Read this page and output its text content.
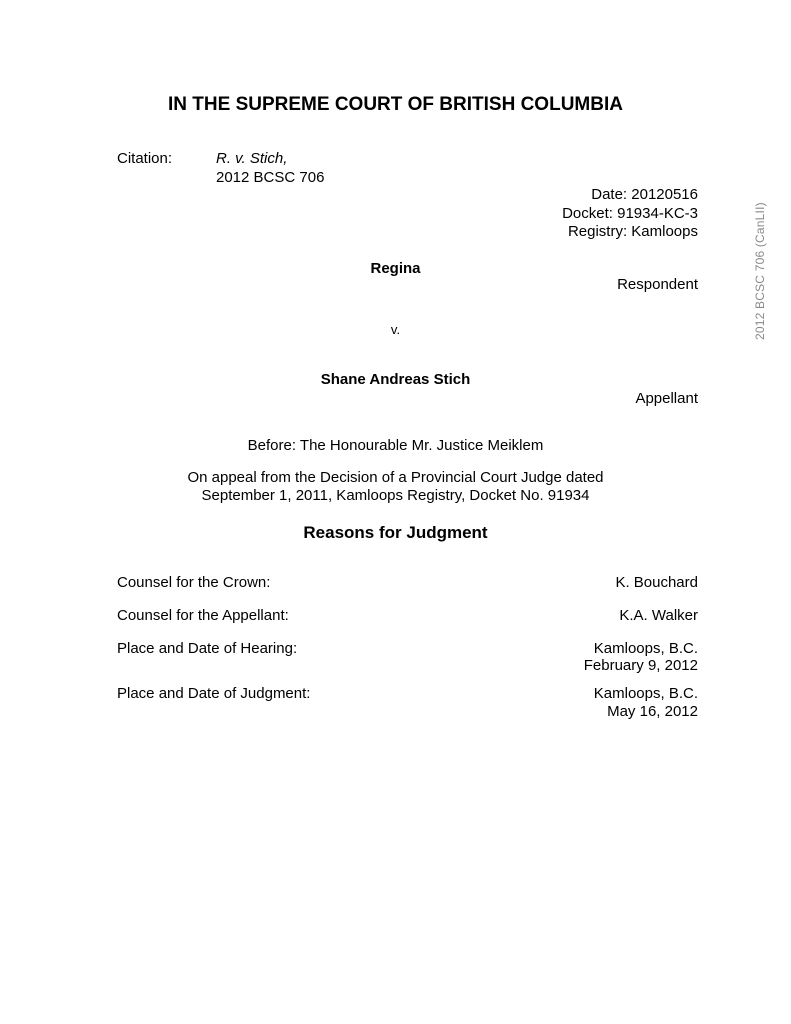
IN THE SUPREME COURT OF BRITISH COLUMBIA
Citation:	R. v. Stich,
2012 BCSC 706
Date: 20120516
Docket: 91934-KC-3
Registry: Kamloops
Regina
Respondent
v.
Shane Andreas Stich
Appellant
Before: The Honourable Mr. Justice Meiklem
On appeal from the Decision of a Provincial Court Judge dated
September 1, 2011, Kamloops Registry, Docket No. 91934
Reasons for Judgment
Counsel for the Crown:	K. Bouchard
Counsel for the Appellant:	K.A. Walker
Place and Date of Hearing:	Kamloops, B.C.
February 9, 2012
Place and Date of Judgment:	Kamloops, B.C.
May 16, 2012
2012 BCSC 706 (CanLII)
